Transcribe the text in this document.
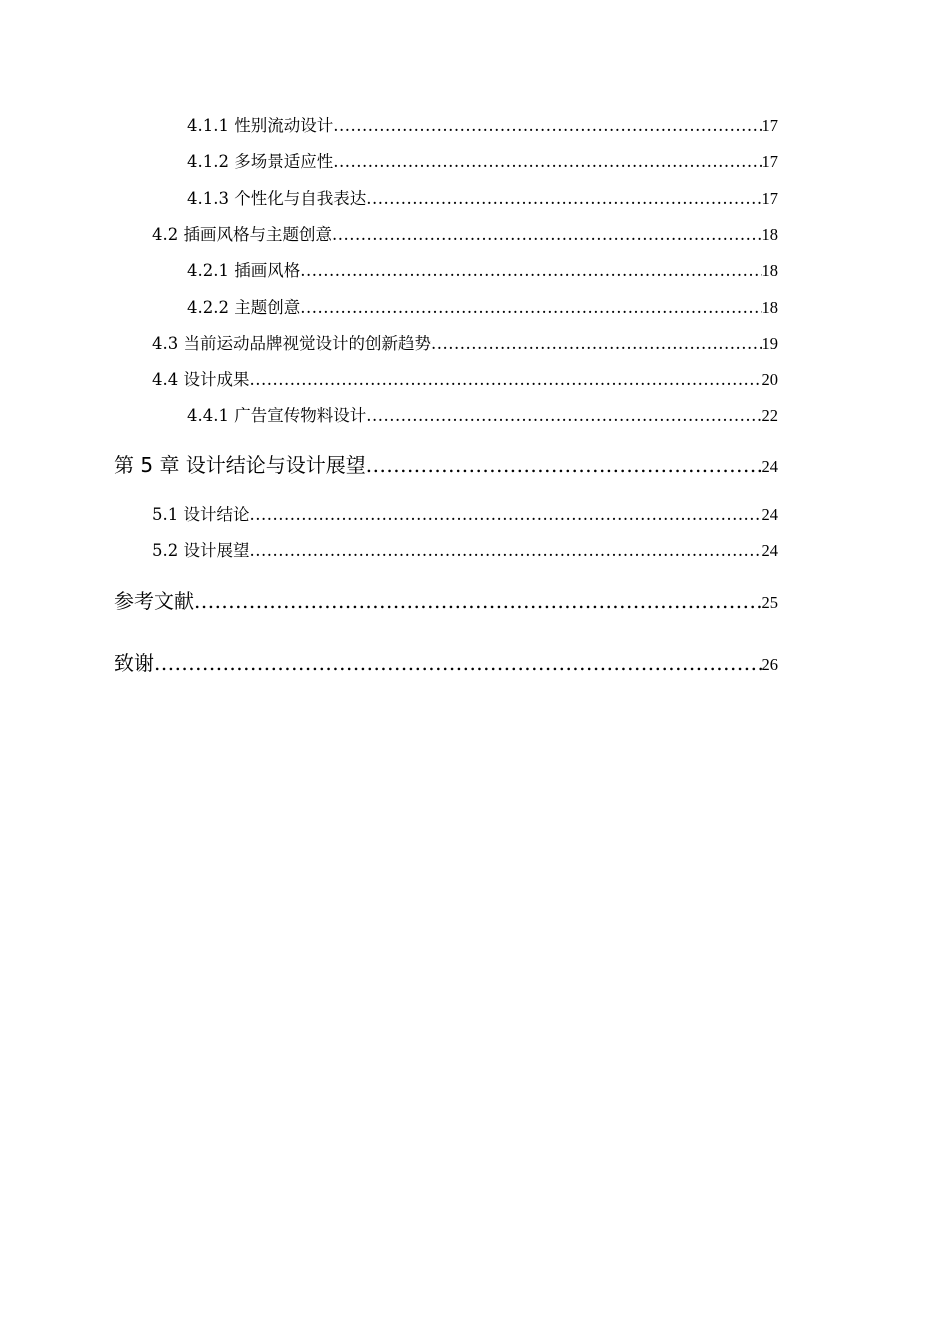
4.1.1 性别流动设计 .....	17
4.1.2 多场景适应性 .....	17
4.1.3 个性化与自我表达 .....	17
4.2 插画风格与主题创意 .....	18
4.2.1 插画风格 .....	18
4.2.2 主题创意 .....	18
4.3 当前运动品牌视觉设计的创新趋势 .....	19
4.4 设计成果 .....	20
4.4.1 广告宣传物料设计 .....	22
第 5 章 设计结论与设计展望 .....	24
5.1 设计结论 .....	24
5.2 设计展望 .....	24
参考文献 .....	25
致谢 .....	26
